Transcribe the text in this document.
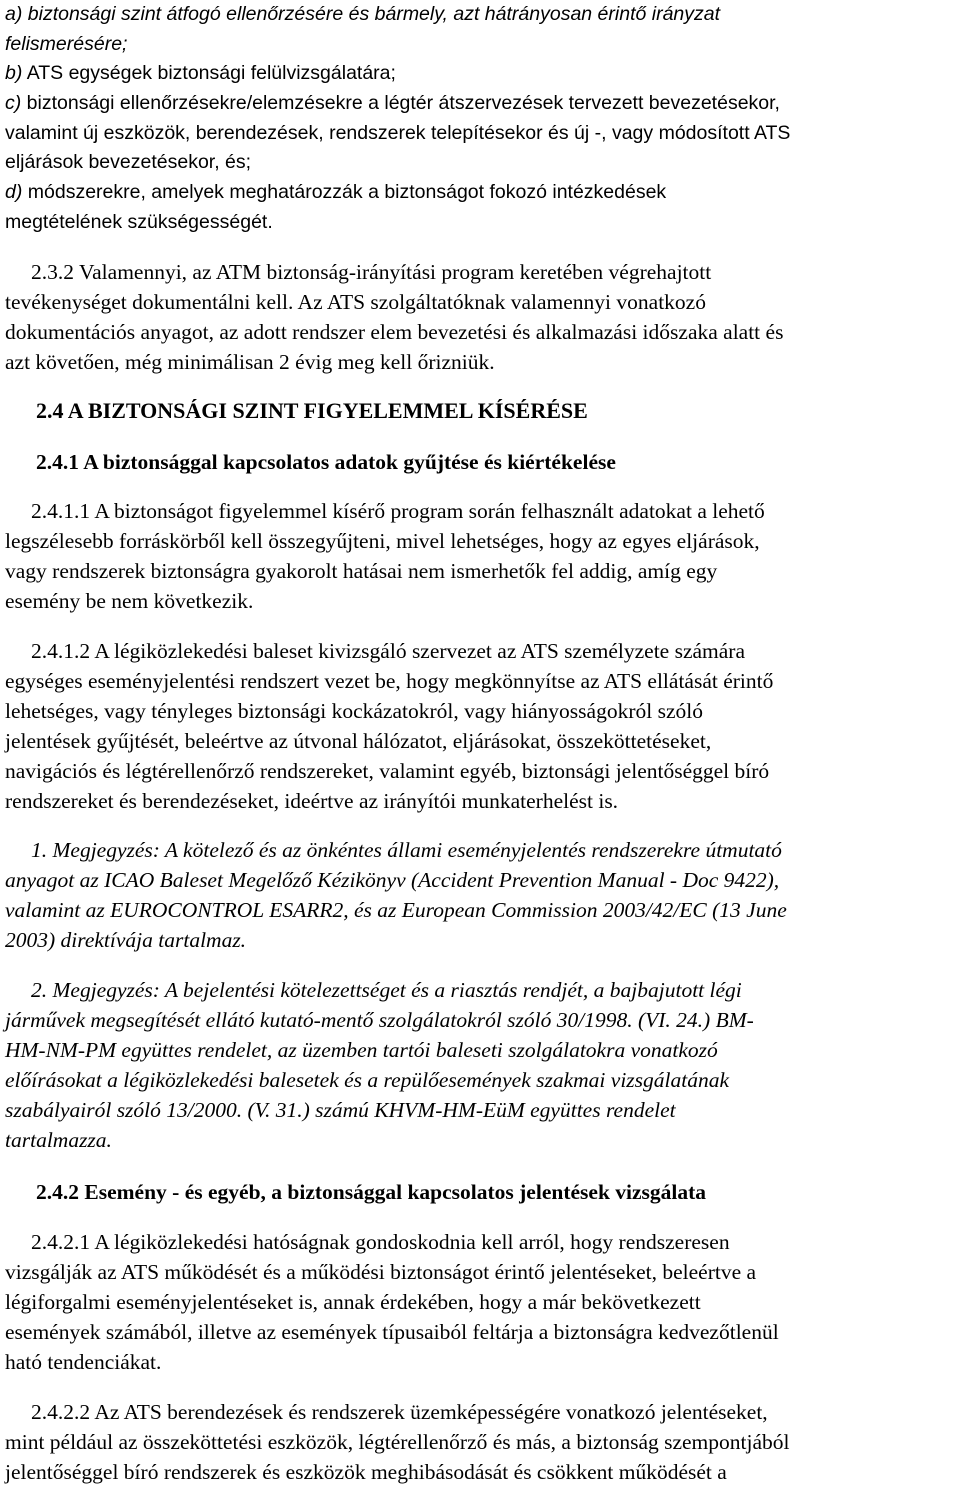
a) biztonsági szint átfogó ellenőrzésére és bármely, azt hátrányosan érintő irányzat
felismerésére;
b) ATS egységek biztonsági felülvizsgálatára;
c) biztonsági ellenőrzésekre/elemzésekre a légtér átszervezések tervezett bevezetésekor,
valamint új eszközök, berendezések, rendszerek telepítésekor és új -, vagy módosított ATS
eljárások bevezetésekor, és;
d) módszerekre, amelyek meghatározzák a biztonságot fokozó intézkedések
megtételének szükségességét.
2.3.2 Valamennyi, az ATM biztonság-irányítási program keretében végrehajtott
tevékenységet dokumentálni kell. Az ATS szolgáltatóknak valamennyi vonatkozó
dokumentációs anyagot, az adott rendszer elem bevezetési és alkalmazási időszaka alatt és
azt követően, még minimálisan 2 évig meg kell őrizniük.
2.4 A BIZTONSÁGI SZINT FIGYELEMMEL KÍSÉRÉSE
2.4.1 A biztonsággal kapcsolatos adatok gyűjtése és kiértékelése
2.4.1.1 A biztonságot figyelemmel kísérő program során felhasznált adatokat a lehető
legszélesebb forráskörből kell összegyűjteni, mivel lehetséges, hogy az egyes eljárások,
vagy rendszerek biztonságra gyakorolt hatásai nem ismerhetők fel addig, amíg egy
esemény be nem következik.
2.4.1.2 A légiközlekedési baleset kivizsgáló szervezet az ATS személyzete számára
egységes eseményjelentési rendszert vezet be, hogy megkönnyítse az ATS ellátását érintő
lehetséges, vagy tényleges biztonsági kockázatokról, vagy hiányosságokról szóló
jelentések gyűjtését, beleértve az útvonal hálózatot, eljárásokat, összeköttetéseket,
navigációs és légtérellenőrző rendszereket, valamint egyéb, biztonsági jelentőséggel bíró
rendszereket és berendezéseket, ideértve az irányítói munkaterhelést is.
1. Megjegyzés: A kötelező és az önkéntes állami eseményjelentés rendszerekre útmutató
anyagot az ICAO Baleset Megelőző Kézikönyv (Accident Prevention Manual - Doc 9422),
valamint az EUROCONTROL ESARR2, és az European Commission 2003/42/EC (13 June
2003) direktívája tartalmaz.
2. Megjegyzés: A bejelentési kötelezettséget és a riasztás rendjét, a bajbajutott légi
járművek megsegítését ellátó kutató-mentő szolgálatokról szóló 30/1998. (VI. 24.) BM-
HM-NM-PM együttes rendelet, az üzemben tartói baleseti szolgálatokra vonatkozó
előírásokat a légiközlekedési balesetek és a repülőesemények szakmai vizsgálatának
szabályairól szóló 13/2000. (V. 31.) számú KHVM-HM-EüM együttes rendelet
tartalmazza.
2.4.2 Esemény - és egyéb, a biztonsággal kapcsolatos jelentések vizsgálata
2.4.2.1 A légiközlekedési hatóságnak gondoskodnia kell arról, hogy rendszeresen
vizsgálják az ATS működését és a működési biztonságot érintő jelentéseket, beleértve a
légiforgalmi eseményjelentéseket is, annak érdekében, hogy a már bekövetkezett
események számából, illetve az események típusaiból feltárja a biztonságra kedvezőtlenül
ható tendenciákat.
2.4.2.2 Az ATS berendezések és rendszerek üzemképességére vonatkozó jelentéseket,
mint például az összeköttetési eszközök, légtérellenőrző és más, a biztonság szempontjából
jelentőséggel bíró rendszerek és eszközök meghibásodását és csökkent működését a
